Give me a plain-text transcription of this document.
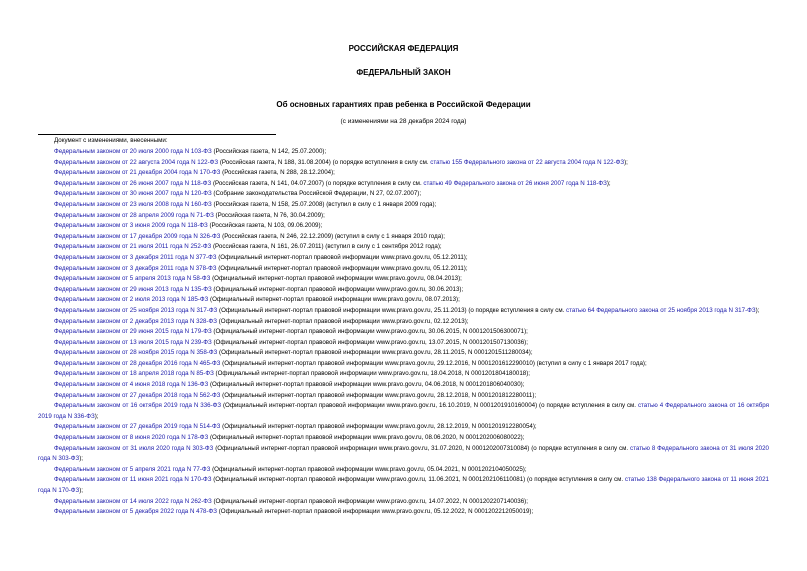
РОССИЙСКАЯ ФЕДЕРАЦИЯ
ФЕДЕРАЛЬНЫЙ ЗАКОН
Об основных гарантиях прав ребенка в Российской Федерации
(с изменениями на 28 декабря 2024 года)
Документ с изменениями, внесенными:
Федеральным законом от 20 июля 2000 года N 103-ФЗ (Российская газета, N 142, 25.07.2000);
Федеральным законом от 22 августа 2004 года N 122-ФЗ (Российская газета, N 188, 31.08.2004) (о порядке вступления в силу см. статью 155 Федерального закона от 22 августа 2004 года N 122-ФЗ);
Федеральным законом от 21 декабря 2004 года N 170-ФЗ (Российская газета, N 288, 28.12.2004);
Федеральным законом от 26 июня 2007 года N 118-ФЗ (Российская газета, N 141, 04.07.2007) (о порядке вступления в силу см. статью 49 Федерального закона от 26 июня 2007 года N 118-ФЗ);
Федеральным законом от 30 июня 2007 года N 120-ФЗ (Собрание законодательства Российской Федерации, N 27, 02.07.2007);
Федеральным законом от 23 июля 2008 года N 160-ФЗ (Российская газета, N 158, 25.07.2008) (вступил в силу с 1 января 2009 года);
Федеральным законом от 28 апреля 2009 года N 71-ФЗ (Российская газета, N 76, 30.04.2009);
Федеральным законом от 3 июня 2009 года N 118-ФЗ (Российская газета, N 103, 09.06.2009);
Федеральным законом от 17 декабря 2009 года N 326-ФЗ (Российская газета, N 246, 22.12.2009) (вступил в силу с 1 января 2010 года);
Федеральным законом от 21 июля 2011 года N 252-ФЗ (Российская газета, N 161, 26.07.2011) (вступил в силу с 1 сентября 2012 года);
Федеральным законом от 3 декабря 2011 года N 377-ФЗ (Официальный интернет-портал правовой информации www.pravo.gov.ru, 05.12.2011);
Федеральным законом от 3 декабря 2011 года N 378-ФЗ (Официальный интернет-портал правовой информации www.pravo.gov.ru, 05.12.2011);
Федеральным законом от 5 апреля 2013 года N 58-ФЗ (Официальный интернет-портал правовой информации www.pravo.gov.ru, 08.04.2013);
Федеральным законом от 29 июня 2013 года N 135-ФЗ (Официальный интернет-портал правовой информации www.pravo.gov.ru, 30.06.2013);
Федеральным законом от 2 июля 2013 года N 185-ФЗ (Официальный интернет-портал правовой информации www.pravo.gov.ru, 08.07.2013);
Федеральным законом от 25 ноября 2013 года N 317-ФЗ (Официальный интернет-портал правовой информации www.pravo.gov.ru, 25.11.2013) (о порядке вступления в силу см. статью 64 Федерального закона от 25 ноября 2013 года N 317-ФЗ);
Федеральным законом от 2 декабря 2013 года N 328-ФЗ (Официальный интернет-портал правовой информации www.pravo.gov.ru, 02.12.2013);
Федеральным законом от 29 июня 2015 года N 179-ФЗ (Официальный интернет-портал правовой информации www.pravo.gov.ru, 30.06.2015, N 0001201506300071);
Федеральным законом от 13 июля 2015 года N 239-ФЗ (Официальный интернет-портал правовой информации www.pravo.gov.ru, 13.07.2015, N 0001201507130036);
Федеральным законом от 28 ноября 2015 года N 358-ФЗ (Официальный интернет-портал правовой информации www.pravo.gov.ru, 28.11.2015, N 0001201511280034);
Федеральным законом от 28 декабря 2016 года N 465-ФЗ (Официальный интернет-портал правовой информации www.pravo.gov.ru, 29.12.2016, N 0001201612290010) (вступил в силу с 1 января 2017 года);
Федеральным законом от 18 апреля 2018 года N 85-ФЗ (Официальный интернет-портал правовой информации www.pravo.gov.ru, 18.04.2018, N 0001201804180018);
Федеральным законом от 4 июня 2018 года N 136-ФЗ (Официальный интернет-портал правовой информации www.pravo.gov.ru, 04.06.2018, N 0001201806040030);
Федеральным законом от 27 декабря 2018 года N 562-ФЗ (Официальный интернет-портал правовой информации www.pravo.gov.ru, 28.12.2018, N 0001201812280011);
Федеральным законом от 16 октября 2019 года N 336-ФЗ (Официальный интернет-портал правовой информации www.pravo.gov.ru, 16.10.2019, N 0001201910160004) (о порядке вступления в силу см. статью 4 Федерального закона от 16 октября 2019 года N 336-ФЗ);
Федеральным законом от 27 декабря 2019 года N 514-ФЗ (Официальный интернет-портал правовой информации www.pravo.gov.ru, 28.12.2019, N 0001201912280054);
Федеральным законом от 8 июня 2020 года N 178-ФЗ (Официальный интернет-портал правовой информации www.pravo.gov.ru, 08.06.2020, N 0001202006080022);
Федеральным законом от 31 июля 2020 года N 303-ФЗ (Официальный интернет-портал правовой информации www.pravo.gov.ru, 31.07.2020, N 0001202007310084) (о порядке вступления в силу см. статью 8 Федерального закона от 31 июля 2020 года N 303-ФЗ);
Федеральным законом от 5 апреля 2021 года N 77-ФЗ (Официальный интернет-портал правовой информации www.pravo.gov.ru, 05.04.2021, N 0001202104050025);
Федеральным законом от 11 июня 2021 года N 170-ФЗ (Официальный интернет-портал правовой информации www.pravo.gov.ru, 11.06.2021, N 0001202106110081) (о порядке вступления в силу см. статью 138 Федерального закона от 11 июня 2021 года N 170-ФЗ);
Федеральным законом от 14 июля 2022 года N 262-ФЗ (Официальный интернет-портал правовой информации www.pravo.gov.ru, 14.07.2022, N 0001202207140036);
Федеральным законом от 5 декабря 2022 года N 478-ФЗ (Официальный интернет-портал правовой информации www.pravo.gov.ru, 05.12.2022, N 0001202212050019);
